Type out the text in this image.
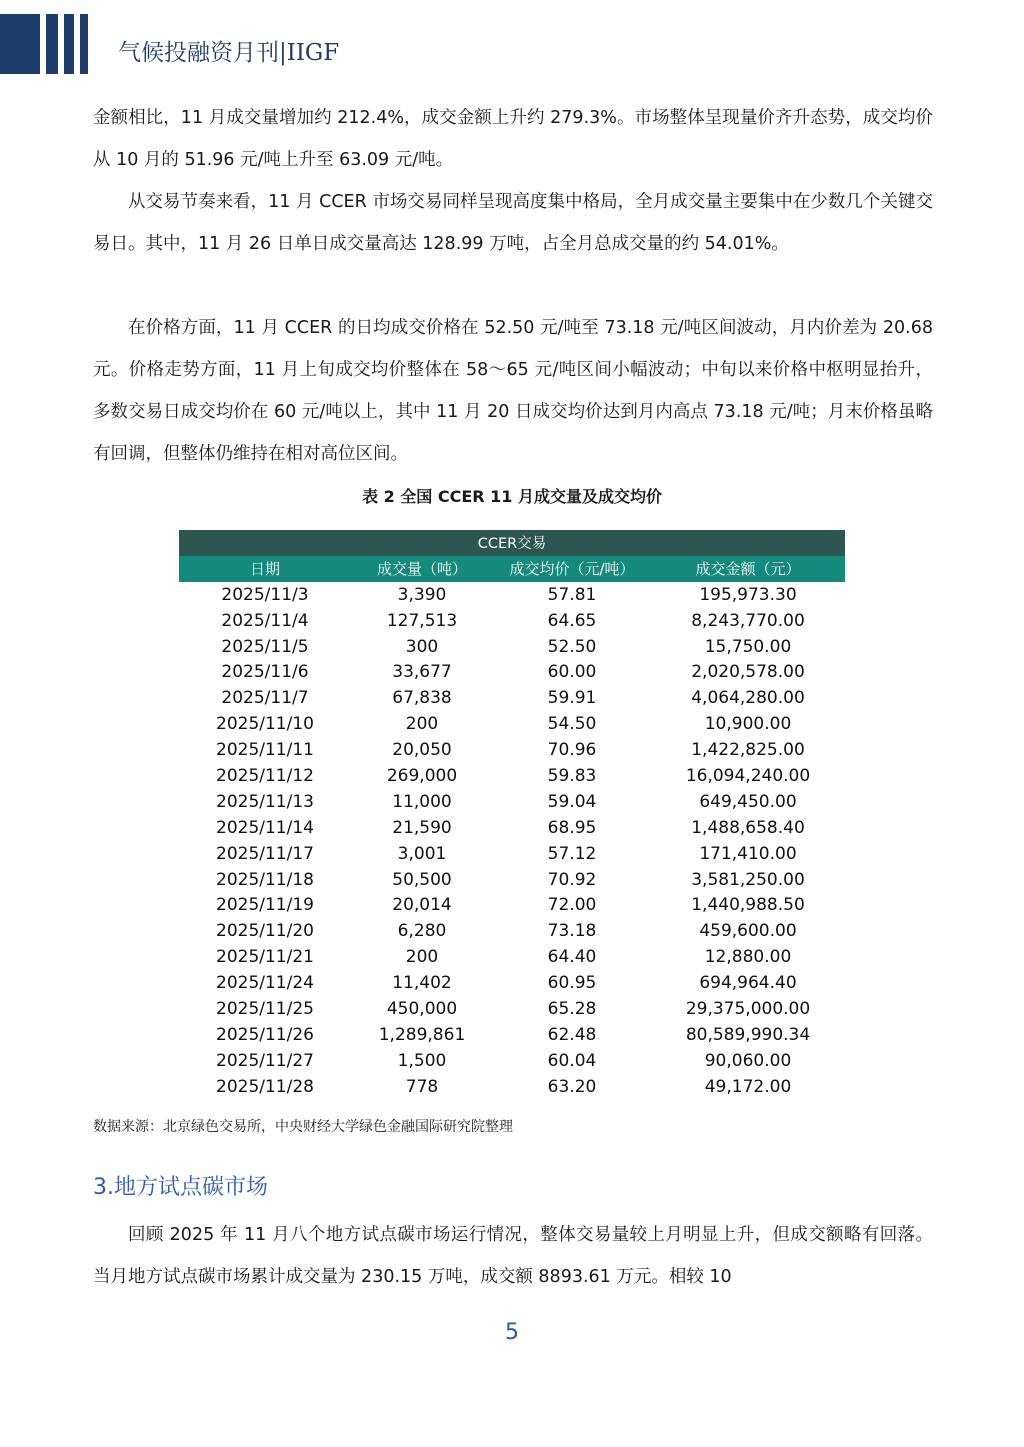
气候投融资月刊|IIGF

金额相比，11 月成交量增加约 212.4%，成交金额上升约 279.3%。市场整体呈现量价齐升态势，成交均价从 10 月的 51.96 元/吨上升至 63.09 元/吨。

从交易节奏来看，11 月 CCER 市场交易同样呈现高度集中格局，全月成交量主要集中在少数几个关键交易日。其中，11 月 26 日单日成交量高达 128.99 万吨，占全月总成交量的约 54.01%。

在价格方面，11 月 CCER 的日均成交价格在 52.50 元/吨至 73.18 元/吨区间波动，月内价差为 20.68 元。价格走势方面，11 月上旬成交均价整体在 58～65 元/吨区间小幅波动；中旬以来价格中枢明显抬升，多数交易日成交均价在 60 元/吨以上，其中 11 月 20 日成交均价达到月内高点 73.18 元/吨；月末价格虽略有回调，但整体仍维持在相对高位区间。

表 2 全国 CCER 11 月成交量及成交均价
CCER交易			
日期	成交量（吨）	成交均价（元/吨）	成交金额（元）
2025/11/3	3,390	57.81	195,973.30
2025/11/4	127,513	64.65	8,243,770.00
2025/11/5	300	52.50	15,750.00
2025/11/6	33,677	60.00	2,020,578.00
2025/11/7	67,838	59.91	4,064,280.00
2025/11/10	200	54.50	10,900.00
2025/11/11	20,050	70.96	1,422,825.00
2025/11/12	269,000	59.83	16,094,240.00
2025/11/13	11,000	59.04	649,450.00
2025/11/14	21,590	68.95	1,488,658.40
2025/11/17	3,001	57.12	171,410.00
2025/11/18	50,500	70.92	3,581,250.00
2025/11/19	20,014	72.00	1,440,988.50
2025/11/20	6,280	73.18	459,600.00
2025/11/21	200	64.40	12,880.00
2025/11/24	11,402	60.95	694,964.40
2025/11/25	450,000	65.28	29,375,000.00
2025/11/26	1,289,861	62.48	80,589,990.34
2025/11/27	1,500	60.04	90,060.00
2025/11/28	778	63.20	49,172.00
数据来源：北京绿色交易所，中央财经大学绿色金融国际研究院整理
3.地方试点碳市场

回顾 2025 年 11 月八个地方试点碳市场运行情况，整体交易量较上月明显上升，但成交额略有回落。当月地方试点碳市场累计成交量为 230.15 万吨，成交额 8893.61 万元。相较 10

5
